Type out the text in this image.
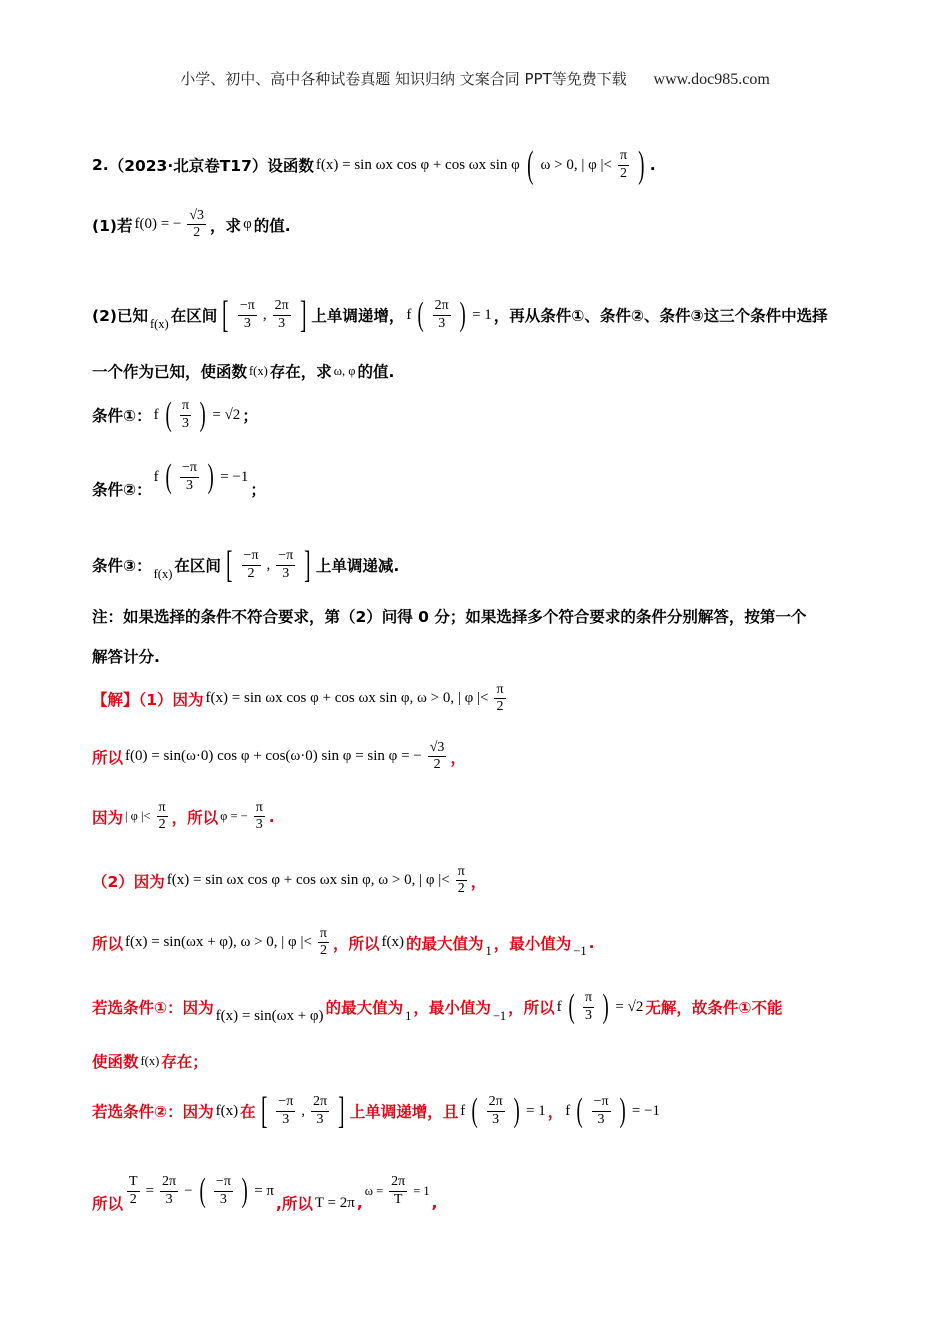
小学、初中、高中各种试卷真题 知识归纳 文案合同 PPT等免费下载 www.doc985.com
2. （2023·北京卷T17） 设函数 f(x) = sin ωx cos φ + cos ωx sin φ ( ω > 0, | φ |< $\frac{\pi}{2}$ ) .
(1)若 f(0) = − $\frac{√3}{2}$ ，求 φ 的值.
(2)已知 f(x) 在区间 [ $\frac{-\pi}{3}$ , $\frac{2\pi}{3}$ ] 上单调递增， f ( $\frac{2\pi}{3}$ ) = 1 ，再从条件①、条件②、条件③这三个条件中选择
一个作为已知，使函数 f(x) 存在，求 ω, φ 的值.
条件①： f ( $\frac{\pi}{3}$ ) = √2 ；
条件②：
f ( $\frac{-\pi}{3}$ ) = −1
；
条件③： f(x) 在区间 [ $\frac{-\pi}{2}$ , $\frac{-\pi}{3}$ ] 上单调递减.
注：如果选择的条件不符合要求，第（2）问得 0 分；如果选择多个符合要求的条件分别解答，按第一个
解答计分.
【解】（1）因为 f(x) = sin ωx cos φ + cos ωx sin φ, ω > 0, | φ |< $\frac{\pi}{2}$
所以 f(0) = sin(ω·0) cos φ + cos(ω·0) sin φ = sin φ = − $\frac{√3}{2}$ ，
因为 | φ |< $\frac{\pi}{2}$ ，所以 φ = − $\frac{\pi}{3}$ .
（2）因为 f(x) = sin ωx cos φ + cos ωx sin φ, ω > 0, | φ |< $\frac{\pi}{2}$ ，
所以 f(x) = sin(ωx + φ), ω > 0, | φ |< $\frac{\pi}{2}$ ，所以 f(x) 的最大值为 1 ，最小值为 −1 .
若选条件①：因为 f(x) = sin(ωx + φ) 的最大值为 1 ，最小值为 −1 ，所以 f ( $\frac{\pi}{3}$ ) = √2 无解，故条件①不能
使函数 f(x) 存在；
若选条件②：因为 f(x) 在 [ $\frac{-\pi}{3}$ , $\frac{2\pi}{3}$ ] 上单调递增，且 f ( $\frac{2\pi}{3}$ ) = 1 ， f ( $\frac{-\pi}{3}$ ) = −1
所以 $\frac{T}{2} = \frac{2\pi}{3}$ − ( $\frac{-\pi}{3}$ ) = π
,所以 T = 2π ,
$\omega = \frac{2\pi}{T} = 1$
,
